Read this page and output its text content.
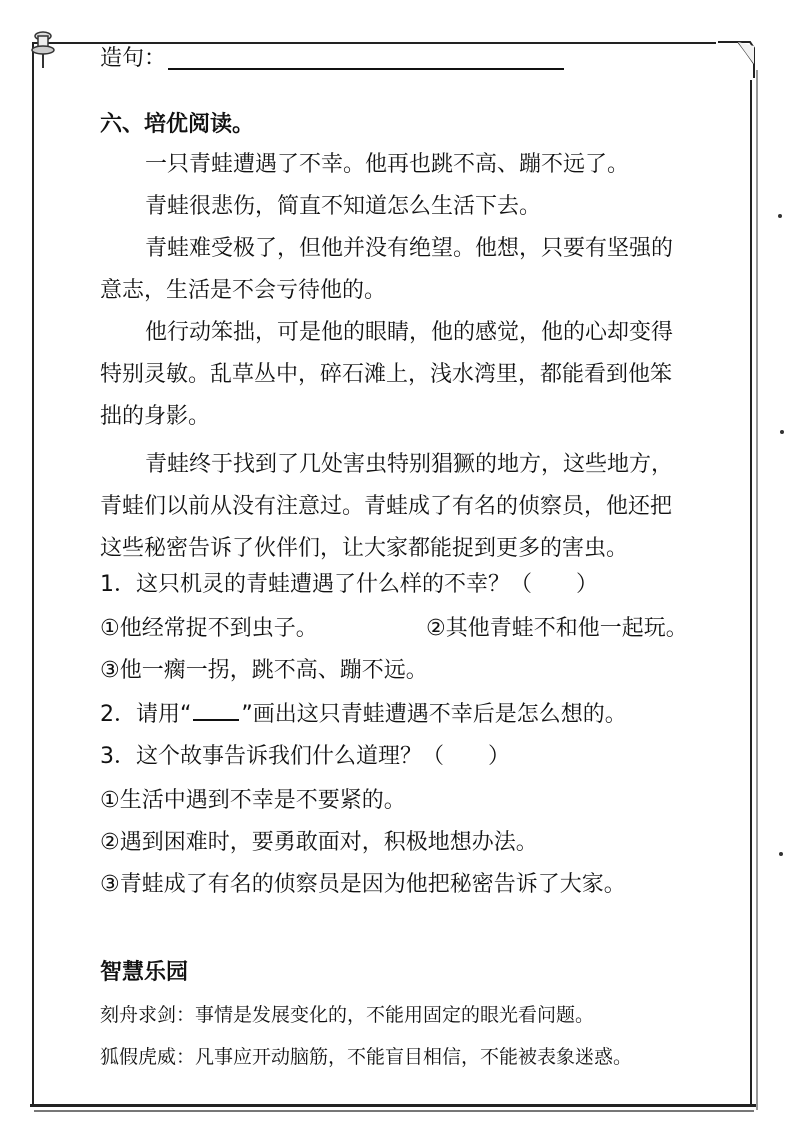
造句：
六、培优阅读。
一只青蛙遭遇了不幸。他再也跳不高、蹦不远了。
青蛙很悲伤，简直不知道怎么生活下去。
青蛙难受极了，但他并没有绝望。他想，只要有坚强的
意志，生活是不会亏待他的。
他行动笨拙，可是他的眼睛，他的感觉，他的心却变得
特别灵敏。乱草丛中，碎石滩上，浅水湾里，都能看到他笨
拙的身影。
青蛙终于找到了几处害虫特别猖獗的地方，这些地方，
青蛙们以前从没有注意过。青蛙成了有名的侦察员，他还把
这些秘密告诉了伙伴们，让大家都能捉到更多的害虫。
1．这只机灵的青蛙遭遇了什么样的不幸？（　　）
①他经常捉不到虫子。	②其他青蛙不和他一起玩。
③他一瘸一拐，跳不高、蹦不远。
2．请用“ ”画出这只青蛙遭遇不幸后是怎么想的。
3．这个故事告诉我们什么道理？（　　）
①生活中遇到不幸是不要紧的。
②遇到困难时，要勇敢面对，积极地想办法。
③青蛙成了有名的侦察员是因为他把秘密告诉了大家。
智慧乐园
刻舟求剑：事情是发展变化的，不能用固定的眼光看问题。
狐假虎威：凡事应开动脑筋，不能盲目相信，不能被表象迷惑。
